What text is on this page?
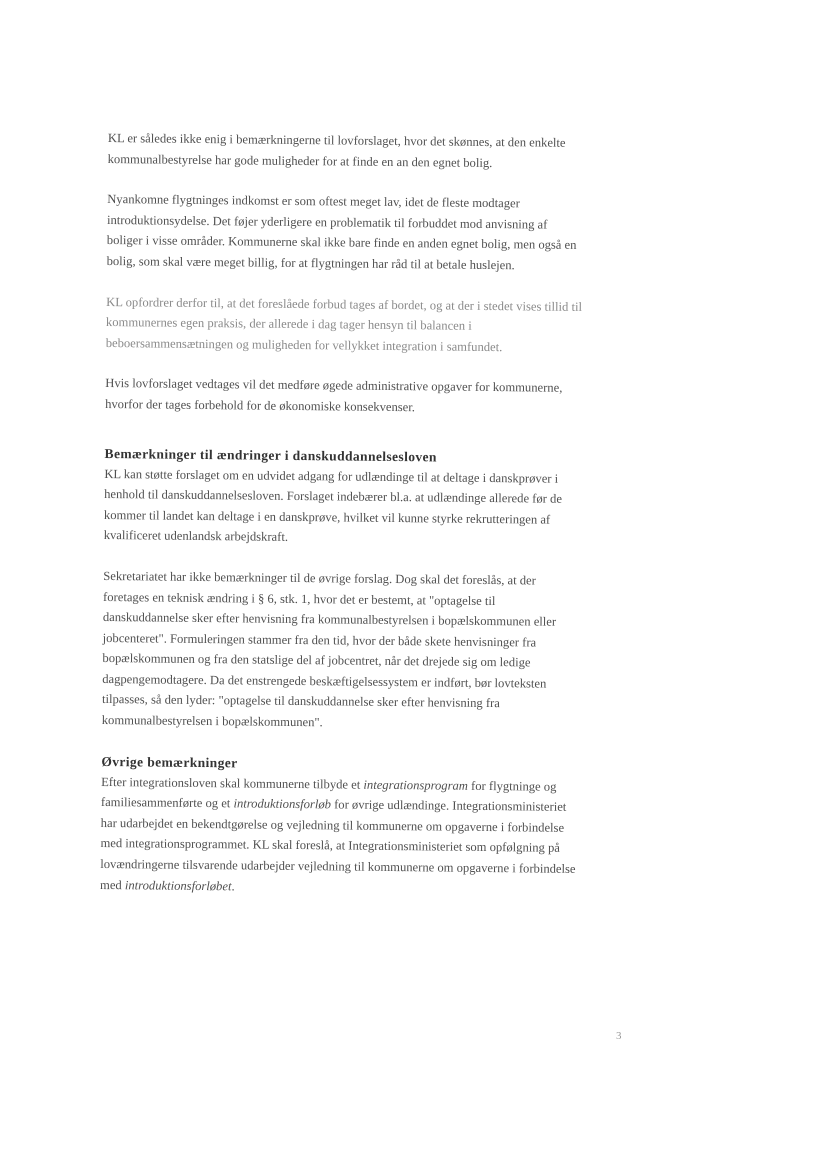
KL er således ikke enig i bemærkningerne til lovforslaget, hvor det skønnes, at den enkelte kommunalbestyrelse har gode muligheder for at finde en an den egnet bolig.

Nyankomne flygtninges indkomst er som oftest meget lav, idet de fleste modtager introduktionsydelse. Det føjer yderligere en problematik til forbuddet mod anvisning af boliger i visse områder. Kommunerne skal ikke bare finde en anden egnet bolig, men også en bolig, som skal være meget billig, for at flygtningen har råd til at betale huslejen.

KL opfordrer derfor til, at det foreslåede forbud tages af bordet, og at der i stedet vises tillid til kommunernes egen praksis, der allerede i dag tager hensyn til balancen i beboersammensætningen og muligheden for vellykket integration i samfundet.

Hvis lovforslaget vedtages vil det medføre øgede administrative opgaver for kommunerne, hvorfor der tages forbehold for de økonomiske konsekvenser.

Bemærkninger til ændringer i danskuddannelsesloven

KL kan støtte forslaget om en udvidet adgang for udlændinge til at deltage i danskprøver i henhold til danskuddannelsesloven. Forslaget indebærer bl.a. at udlændinge allerede før de kommer til landet kan deltage i en danskprøve, hvilket vil kunne styrke rekrutteringen af kvalificeret udenlandsk arbejdskraft.

Sekretariatet har ikke bemærkninger til de øvrige forslag. Dog skal det foreslås, at der foretages en teknisk ændring i § 6, stk. 1, hvor det er bestemt, at "optagelse til danskuddannelse sker efter henvisning fra kommunalbestyrelsen i bopælskommunen eller jobcenteret". Formuleringen stammer fra den tid, hvor der både skete henvisninger fra bopælskommunen og fra den statslige del af jobcentret, når det drejede sig om ledige dagpengemodtagere. Da det enstrengede beskæftigelsessystem er indført, bør lovteksten tilpasses, så den lyder: "optagelse til danskuddannelse sker efter henvisning fra kommunalbestyrelsen i bopælskommunen".

Øvrige bemærkninger

Efter integrationsloven skal kommunerne tilbyde et integrationsprogram for flygtninge og familiesammenførte og et introduktionsforløb for øvrige udlændinge. Integrationsministeriet har udarbejdet en bekendtgørelse og vejledning til kommunerne om opgaverne i forbindelse med integrationsprogrammet. KL skal foreslå, at Integrationsministeriet som opfølgning på lovændringerne tilsvarende udarbejder vejledning til kommunerne om opgaverne i forbindelse med introduktionsforløbet.

3
